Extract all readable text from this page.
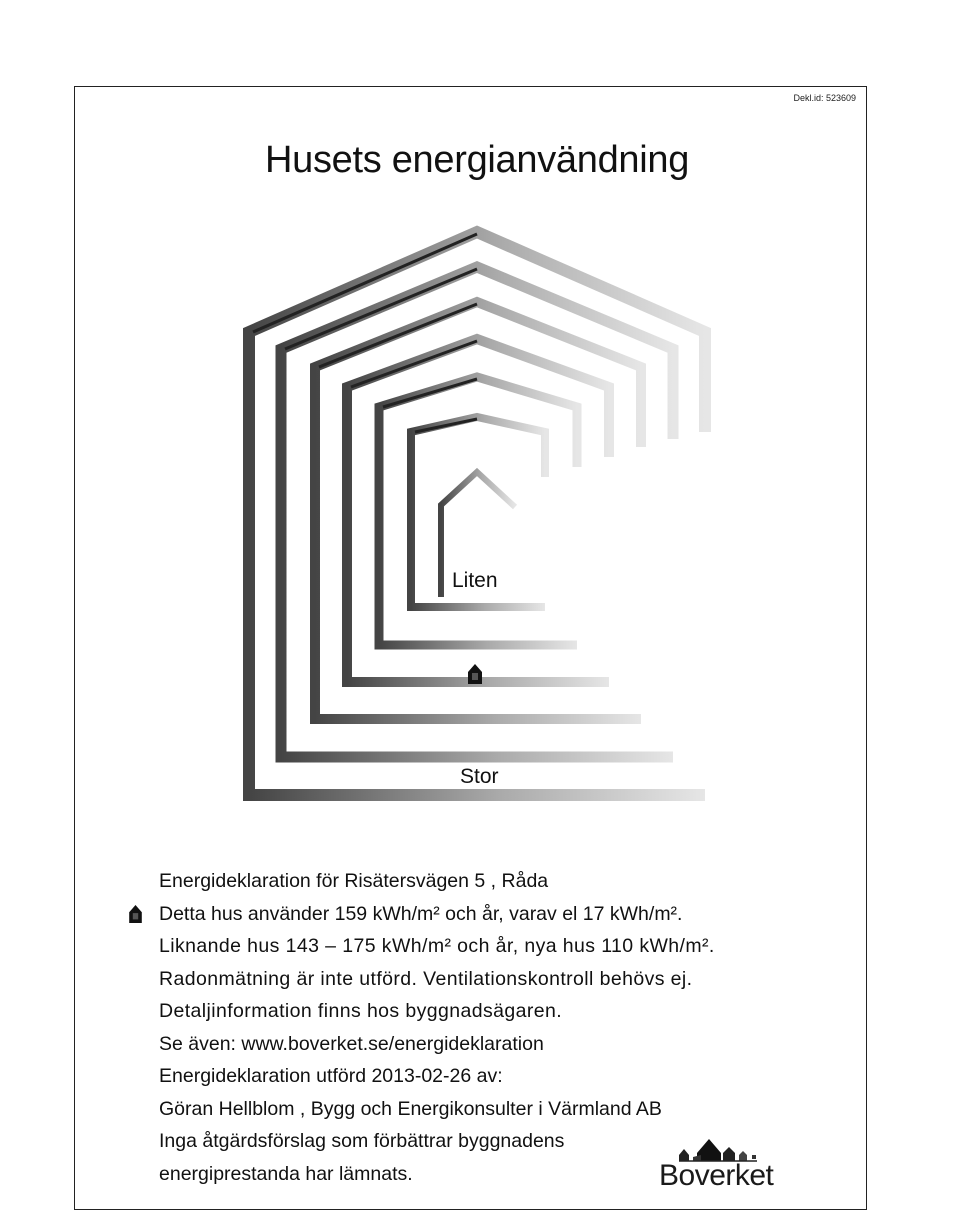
Dekl.id: 523609
Husets energianvändning
Liten
Stor
Energideklaration för Risätersvägen 5 , Råda
Detta hus använder 159 kWh/m² och år, varav el 17 kWh/m².
Liknande hus 143 – 175 kWh/m² och år, nya hus 110 kWh/m².
Radonmätning är inte utförd. Ventilationskontroll behövs ej.
Detaljinformation finns hos byggnadsägaren.
Se även: www.boverket.se/energideklaration
Energideklaration utförd 2013-02-26 av:
Göran Hellblom , Bygg och Energikonsulter i Värmland AB
Inga åtgärdsförslag som förbättrar byggnadens
energiprestanda har lämnats.	Boverket
